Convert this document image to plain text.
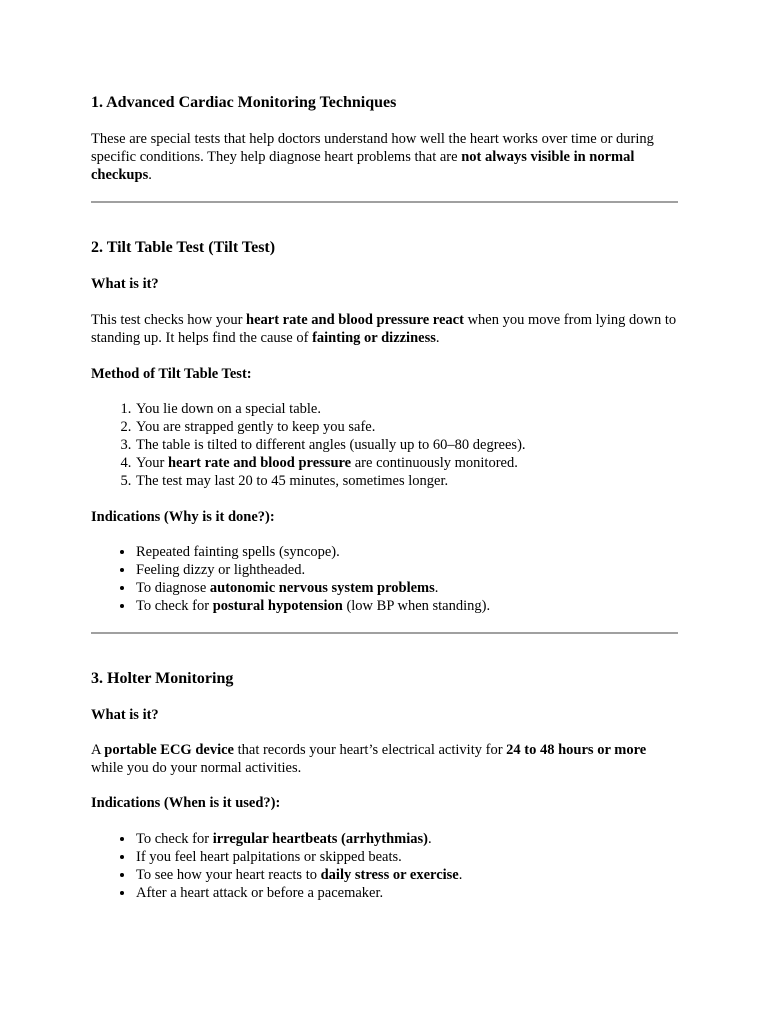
1. Advanced Cardiac Monitoring Techniques

These are special tests that help doctors understand how well the heart works over time or during specific conditions. They help diagnose heart problems that are not always visible in normal checkups.

2. Tilt Table Test (Tilt Test)

What is it?

This test checks how your heart rate and blood pressure react when you move from lying down to standing up. It helps find the cause of fainting or dizziness.

Method of Tilt Table Test:

1. You lie down on a special table.
2. You are strapped gently to keep you safe.
3. The table is tilted to different angles (usually up to 60–80 degrees).
4. Your heart rate and blood pressure are continuously monitored.
5. The test may last 20 to 45 minutes, sometimes longer.

Indications (Why is it done?):

• Repeated fainting spells (syncope).
• Feeling dizzy or lightheaded.
• To diagnose autonomic nervous system problems.
• To check for postural hypotension (low BP when standing).
3. Holter Monitoring

What is it?

A portable ECG device that records your heart’s electrical activity for 24 to 48 hours or more while you do your normal activities.

Indications (When is it used?):

• To check for irregular heartbeats (arrhythmias).
• If you feel heart palpitations or skipped beats.
• To see how your heart reacts to daily stress or exercise.
• After a heart attack or before a pacemaker.
